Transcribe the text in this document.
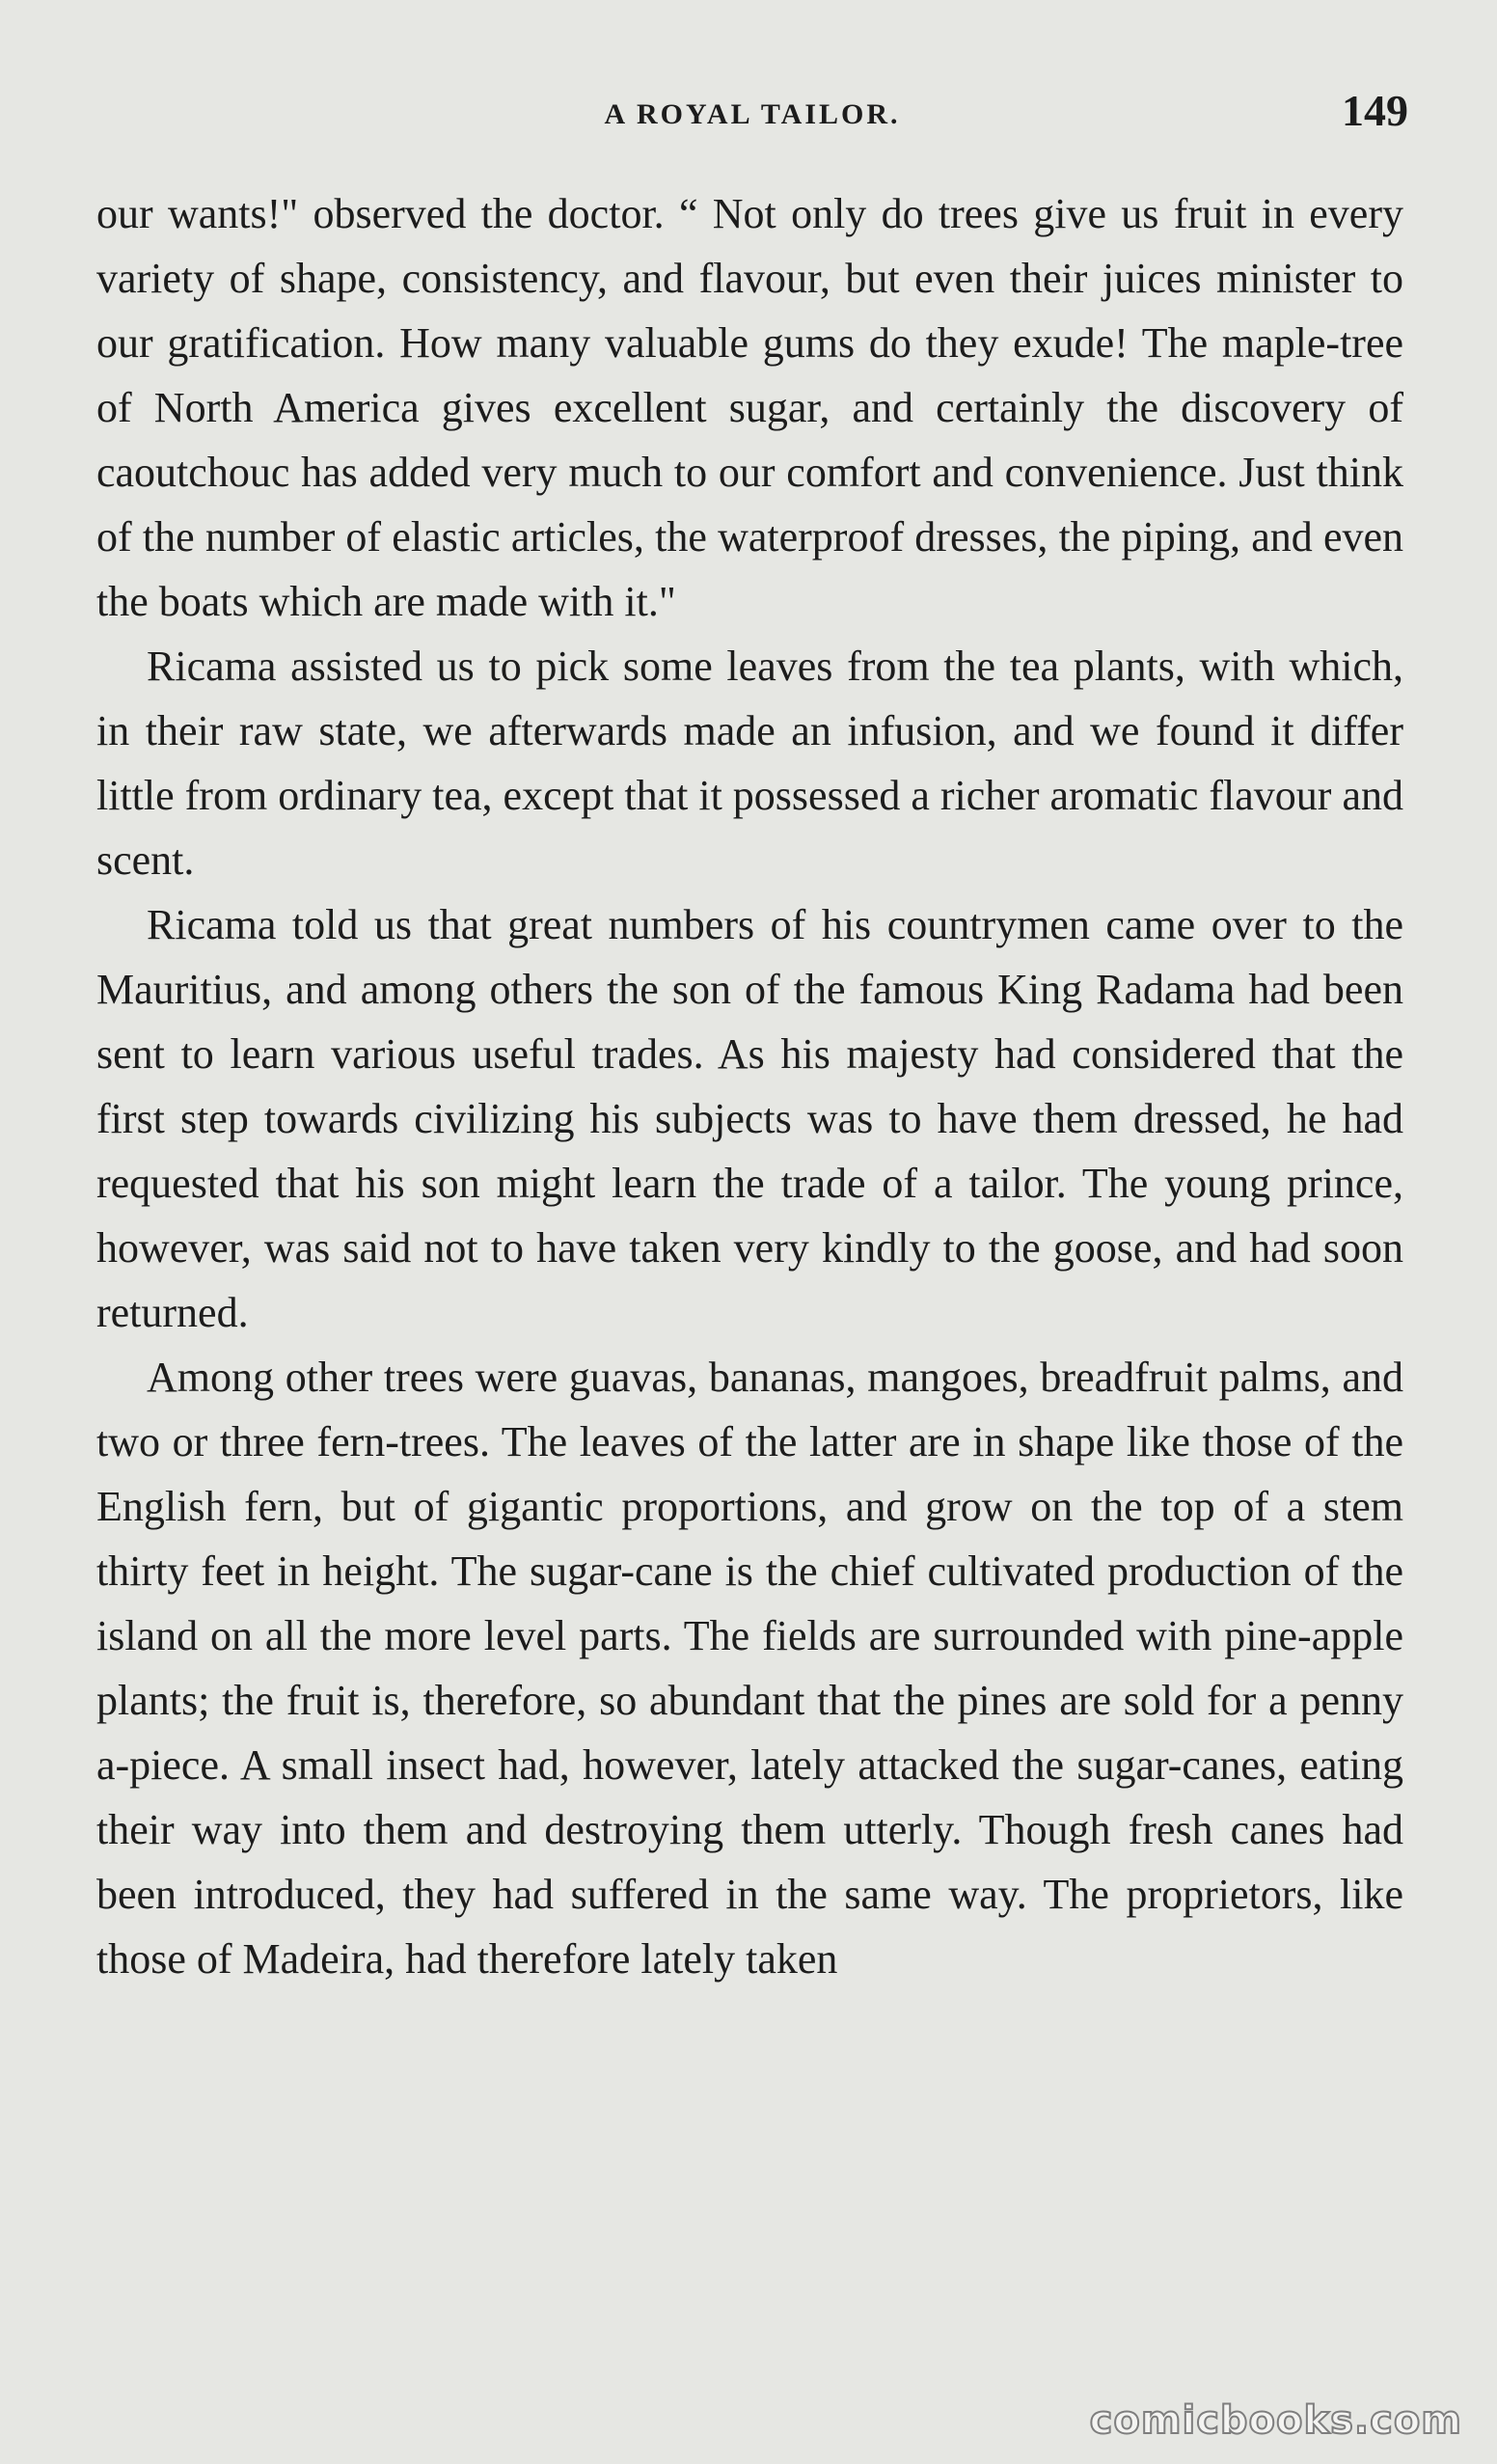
A ROYAL TAILOR.	149

our wants!" observed the doctor. “ Not only do trees give us fruit in every variety of shape, consistency, and flavour, but even their juices minister to our gratification. How many valuable gums do they exude! The maple-tree of North America gives excellent sugar, and certainly the discovery of caoutchouc has added very much to our comfort and convenience. Just think of the number of elastic articles, the waterproof dresses, the piping, and even the boats which are made with it."

Ricama assisted us to pick some leaves from the tea plants, with which, in their raw state, we afterwards made an infusion, and we found it differ little from ordinary tea, except that it possessed a richer aromatic flavour and scent.

Ricama told us that great numbers of his countrymen came over to the Mauritius, and among others the son of the famous King Radama had been sent to learn various useful trades. As his majesty had considered that the first step towards civilizing his subjects was to have them dressed, he had requested that his son might learn the trade of a tailor. The young prince, however, was said not to have taken very kindly to the goose, and had soon returned.

Among other trees were guavas, bananas, mangoes, breadfruit palms, and two or three fern-trees. The leaves of the latter are in shape like those of the English fern, but of gigantic proportions, and grow on the top of a stem thirty feet in height. The sugar-cane is the chief cultivated production of the island on all the more level parts. The fields are surrounded with pine-apple plants; the fruit is, therefore, so abundant that the pines are sold for a penny a-piece. A small insect had, however, lately attacked the sugar-canes, eating their way into them and destroying them utterly. Though fresh canes had been introduced, they had suffered in the same way. The proprietors, like those of Madeira, had therefore lately taken

comicbooks.com
